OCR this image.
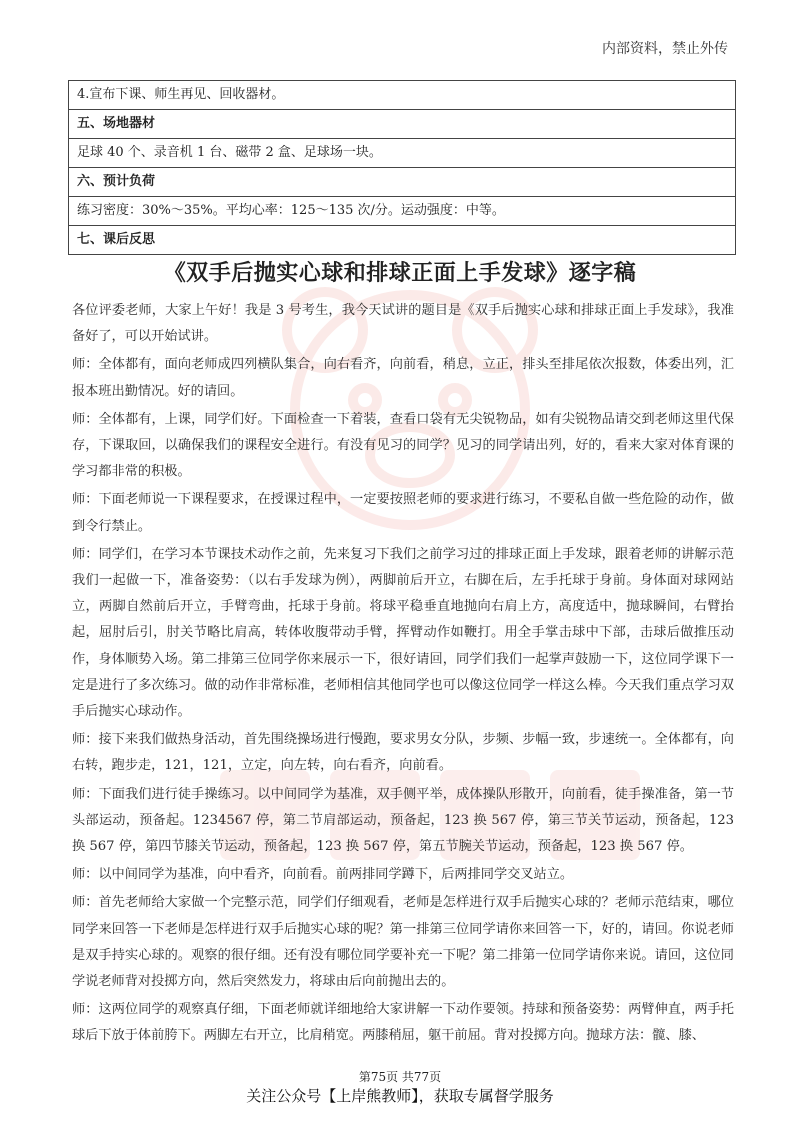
内部资料，禁止外传
4.宣布下课、师生再见、回收器材。
五、场地器材
足球 40 个、录音机 1 台、磁带 2 盒、足球场一块。
六、预计负荷
练习密度：30%～35%。平均心率：125～135 次/分。运动强度：中等。
七、课后反思
《双手后抛实心球和排球正面上手发球》逐字稿

各位评委老师，大家上午好！我是 3 号考生，我今天试讲的题目是《双手后抛实心球和排球正面上手发球》，我准备好了，可以开始试讲。

师：全体都有，面向老师成四列横队集合，向右看齐，向前看，稍息，立正，排头至排尾依次报数，体委出列，汇报本班出勤情况。好的请回。

师：全体都有，上课，同学们好。下面检查一下着装，查看口袋有无尖锐物品，如有尖锐物品请交到老师这里代保存，下课取回，以确保我们的课程安全进行。有没有见习的同学？见习的同学请出列，好的，看来大家对体育课的学习都非常的积极。

师：下面老师说一下课程要求，在授课过程中，一定要按照老师的要求进行练习，不要私自做一些危险的动作，做到令行禁止。

师：同学们，在学习本节课技术动作之前，先来复习下我们之前学习过的排球正面上手发球，跟着老师的讲解示范我们一起做一下，准备姿势：（以右手发球为例），两脚前后开立，右脚在后，左手托球于身前。身体面对球网站立，两脚自然前后开立，手臂弯曲，托球于身前。将球平稳垂直地抛向右肩上方，高度适中，抛球瞬间，右臂抬起，屈肘后引，肘关节略比肩高，转体收腹带动手臂，挥臂动作如鞭打。用全手掌击球中下部，击球后做推压动作，身体顺势入场。第二排第三位同学你来展示一下，很好请回，同学们我们一起掌声鼓励一下，这位同学课下一定是进行了多次练习。做的动作非常标准，老师相信其他同学也可以像这位同学一样这么棒。今天我们重点学习双手后抛实心球动作。

师：接下来我们做热身活动，首先围绕操场进行慢跑，要求男女分队，步频、步幅一致，步速统一。全体都有，向右转，跑步走，121，121，立定，向左转，向右看齐，向前看。

师：下面我们进行徒手操练习。以中间同学为基准，双手侧平举，成体操队形散开，向前看，徒手操准备，第一节头部运动，预备起。1234567 停，第二节肩部运动，预备起，123 换 567 停，第三节关节运动，预备起，123 换 567 停，第四节膝关节运动，预备起，123 换 567 停，第五节腕关节运动，预备起，123 换 567 停。

师：以中间同学为基准，向中看齐，向前看。前两排同学蹲下，后两排同学交叉站立。

师：首先老师给大家做一个完整示范，同学们仔细观看，老师是怎样进行双手后抛实心球的？老师示范结束，哪位同学来回答一下老师是怎样进行双手后抛实心球的呢？第一排第三位同学请你来回答一下，好的，请回。你说老师是双手持实心球的。观察的很仔细。还有没有哪位同学要补充一下呢？第二排第一位同学请你来说。请回，这位同学说老师背对投掷方向，然后突然发力，将球由后向前抛出去的。

师：这两位同学的观察真仔细，下面老师就详细地给大家讲解一下动作要领。持球和预备姿势：两臂伸直，两手托球后下放于体前胯下。两脚左右开立，比肩稍宽。两膝稍屈，躯干前屈。背对投掷方向。抛球方法：髋、膝、

第75页 共77页
关注公众号【上岸熊教师】，获取专属督学服务
